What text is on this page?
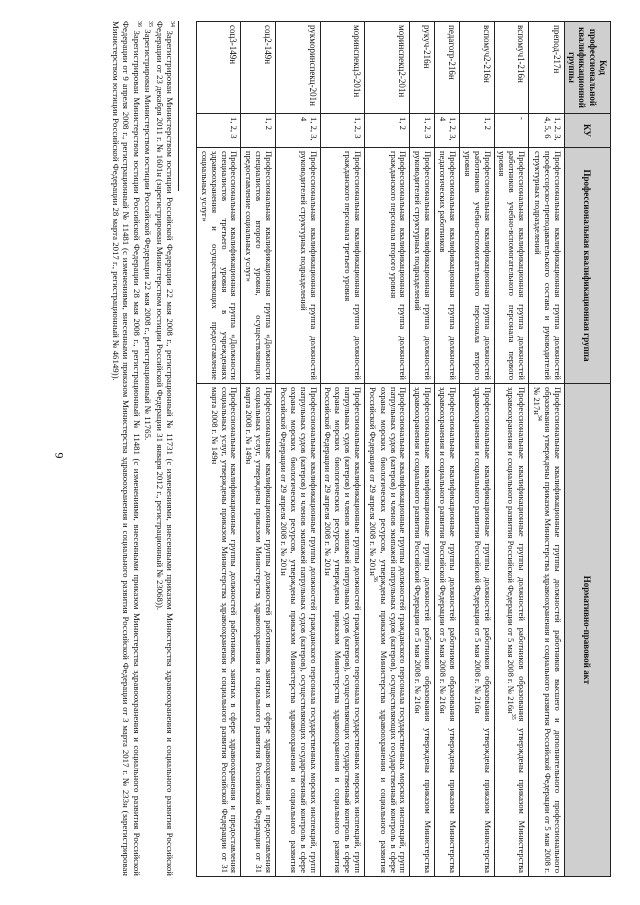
9
Код профессиональной квалификационной группы	КУ	Профессиональная квалификационная группа	Нормативно-правовой акт
препод-217н	1, 2, 3, 4, 5, 6	Профессиональная квалификационная группа должностей профессорско-преподавательского состава и руководителей структурных подразделений	Профессиональные квалификационные группы должностей работников высшего и дополнительного профессионального образования утверждены приказом Министерства здравоохранения и социального развития Российской Федерации от 5 мая 2008 г. № $217н^{34}$
вспомуч1-216н	-	Профессиональная квалификационная группа должностей работников учебно-вспомогательного персонала первого уровня	Профессиональные квалификационные группы должностей работников образования утверждены приказом Министерства здравоохранения и социального развития Российской Федерации от 5 мая 2008 г. № $216н^{35}$
вспомуч2-216н	1, 2	Профессиональная квалификационная группа должностей работников учебно-вспомогательного персонала второго уровня	Профессиональные квалификационные группы должностей работников образования утверждены приказом Министерства здравоохранения и социального развития Российской Федерации от 5 мая 2008 г. № 216н
педагогр-216н	1, 2, 3, 4	Профессиональная квалификационная группа должностей педагогических работников	Профессиональные квалификационные группы должностей работников образования утверждены приказом Министерства здравоохранения и социального развития Российской Федерации от 5 мая 2008 г. № 216н
рукуч-216н	1, 2, 3	Профессиональная квалификационная группа должностей руководителей структурных подразделений	Профессиональные квалификационные группы должностей работников образования утверждены приказом Министерства здравоохранения и социального развития Российской Федерации от 5 мая 2008 г. № 216н
моринспекц2-201н	1, 2	Профессиональная квалификационная группа должностей гражданского персонала второго уровня	Профессиональные квалификационные группы должностей гражданского персонала государственных морских инспекций, групп патрульных судов (катеров) и членов экипажей патрульных судов (катеров), осуществляющих государственный контроль в сфере охраны морских биологических ресурсов, утверждены приказом Министерства здравоохранения и социального развития Российской Федерации от 29 апреля 2008 г. № $201н^{36}$
моринспекц3-201н	1, 2, 3	Профессиональная квалификационная группа должностей гражданского персонала третьего уровня	Профессиональные квалификационные группы должностей гражданского персонала государственных морских инспекций, групп патрульных судов (катеров) и членов экипажей патрульных судов (катеров), осуществляющих государственный контроль в сфере охраны морских биологических ресурсов, утверждены приказом Министерства здравоохранения и социального развития Российской Федерации от 29 апреля 2008 г. № 201н
рукморинспекц-201н	1, 2, 3, 4	Профессиональная квалификационная группа должностей руководителей структурных подразделений	Профессиональные квалификационные группы должностей гражданского персонала государственных морских инспекций, групп патрульных судов (катеров) и членов экипажей патрульных судов (катеров), осуществляющих государственный контроль в сфере охраны морских биологических ресурсов, утверждены приказом Министерства здравоохранения и социального развития Российской Федерации от 29 апреля 2008 г. № 201н
соц2-149н	1, 2	Профессиональная квалификационная группа «Должности специалистов второго уровня, осуществляющих предоставление социальных услуг»	Профессиональные квалификационные группы должностей работников, занятых в сфере здравоохранения и предоставления социальных услуг, утверждены приказом Министерства здравоохранения и социального развития Российской Федерации от 31 марта 2008 г. № 149н
соц3-149н	1, 2, 3	Профессиональная квалификационная группа «Должности специалистов третьего уровня в учреждениях здравоохранения и осуществляющих предоставление социальных услуг»	Профессиональные квалификационные группы должностей работников, занятых в сфере здравоохранения и предоставления социальных услуг, утверждены приказом Министерства здравоохранения и социального развития Российской Федерации от 31 марта 2008 г. № 149н

$^{34}$ Зарегистрирован Министерством юстиции Российской Федерации 22 мая 2008 г., регистрационный № 11731 (с изменениями, внесенными приказом Министерства здравоохранения и социального развития Российской Федерации от 23 декабря 2011 г. № 1601н (зарегистрирован Министерством юстиции Российской Федерации 31 января 2012 г., регистрационный № 23068)).

$^{35}$ Зарегистрирован Министерством юстиции Российской Федерации 22 мая 2008 г., регистрационный № 11765.

$^{36}$ Зарегистрирован Министерством юстиции Российской Федерации 28 мая 2008 г., регистрационный № 11481 (с изменениями, внесенными приказом Министерства здравоохранения и социального развития Российской Федерации от 9 апреля 2008 г., регистрационный № 11481 (с изменениями, внесенными приказом Министерства здравоохранения и социального развития Российской Федерации от 3 марта 2017 г. № 233н (зарегистрирован Министерством юстиции Российской Федерации 28 марта 2017 г., регистрационный № 46149)).
